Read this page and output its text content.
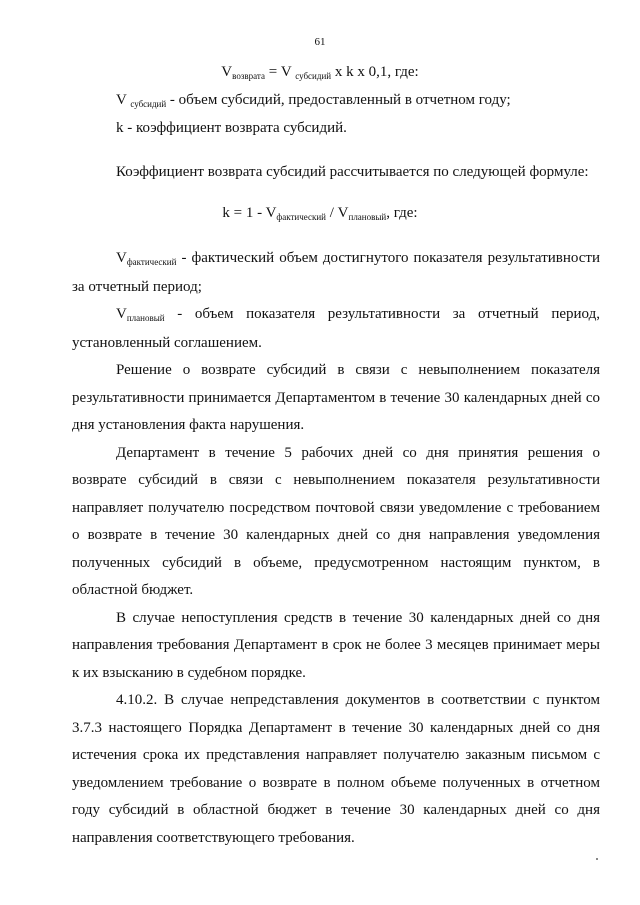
61
$V_{возврата} = V$ $_{субсидий}$ x k x 0,1, где:
V $_{субсидий}$ - объем субсидий, предоставленный в отчетном году;
k - коэффициент возврата субсидий.
Коэффициент возврата субсидий рассчитывается по следующей формуле:
$k = 1 - V_{фактический} / V_{плановый}$, где:

$V_{фактический}$ - фактический объем достигнутого показателя результативности за отчетный период;

$V_{плановый}$ - объем показателя результативности за отчетный период, установленный соглашением.

Решение о возврате субсидий в связи с невыполнением показателя результативности принимается Департаментом в течение 30 календарных дней со дня установления факта нарушения.

Департамент в течение 5 рабочих дней со дня принятия решения о возврате субсидий в связи с невыполнением показателя результативности направляет получателю посредством почтовой связи уведомление с требованием о возврате в течение 30 календарных дней со дня направления уведомления полученных субсидий в объеме, предусмотренном настоящим пунктом, в областной бюджет.

В случае непоступления средств в течение 30 календарных дней со дня направления требования Департамент в срок не более 3 месяцев принимает меры к их взысканию в судебном порядке.

4.10.2. В случае непредставления документов в соответствии с пунктом 3.7.3 настоящего Порядка Департамент в течение 30 календарных дней со дня истечения срока их представления направляет получателю заказным письмом с уведомлением требование о возврате в полном объеме полученных в отчетном году субсидий в областной бюджет в течение 30 календарных дней со дня направления соответствующего требования.
